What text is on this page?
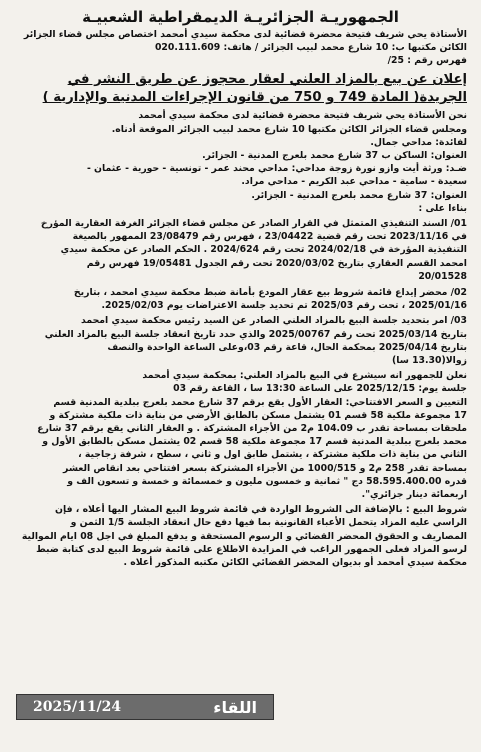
الجمهوريـة الجزائريـة الديمقراطية الشعبيـة
الأستاذة يحي شريف فتيحة محضرة قضائية لدى محكمة سيدي أمحمد اختصاص مجلس قضاء الجزائر
الكائن مكتبها ب: 10 شارع محمد لبيب الجزائر / هاتف: 020.111.609
فهرس رقم : 25/
إعلان عن بيع بالمزاد العلني لعقار محجوز عن طريق النشر في
الجريدة( المادة 749 و 750 من قانون الإجراءات المدنية والإدارية )
نحن الأستاذة يحي شريف فتيحة محضرة قضائية لدى محكمة سيدي أمحمد
ومجلس قضاء الجزائر الكائن مكتبها 10 شارع محمد لبيب الجزائر الموقعة أدناه.
لفائدة: مداحي جمال.
العنوان: الساكن ب 37 شارع محمد بلعرج المدنية - الجزائر.
ضـد: ورثة أيت وازو نورة زوجة مداحي: مداحي محند عمر - تونسية - حورية - عثمان -
سعيدة - سامية - مداحي عبد الكريم - مداحي مراد.
العنوان: 37 شارع محمد بلعرج المدنية - الجزائر.
بناءا على :
01/ السند التنفيذي المتمثل في القرار الصادر عن مجلس قضاء الجزائر الغرفة العقارية المؤرخ
في 2023/11/16 تحت رقم قضية 23/04422 ، فهرس رقم 23/08479 الممهور بالصيغة
التنفيذية المؤرخة في 2024/02/18 تحت رقم 2024/624 . الحكم الصادر عن محكمة سيدي
امحمد القسم العقاري بتاريخ 2020/03/02 تحت رقم الجدول 19/05481 فهرس رقم
20/01528
02/ محضر إيداع قائمة شروط بيع عقار المودع بأمانة ضبط محكمة سيدي امحمد ، بتاريخ
2025/01/16 ، تحت رقم 2025/03 تم تحديد جلسة الاعتراضات يوم 2025/02/03.
03/ امر بتحديد جلسة البيع بالمزاد العلني الصادر عن السيد رئيس محكمة سيدي امحمد
بتاريخ 2025/03/14 تحت رقم 2025/00767 والذي حدد تاريخ انعقاد جلسة البيع بالمزاد العلني
بتاريخ 2025/04/14 بمحكمة الحال، قاعة رقم 03،وعلى الساعة الواحدة والنصف
زوالا(13.30 سا)
نعلن للجمهور انه سيشرع في البيع بالمزاد العلني: بمحكمة سيدي أمحمد
جلسة يوم: 2025/12/15 على الساعة 13:30 سا ، القاعة رقم 03
التعيين و السعر الافتتاحي: العقار الأول يقع برقم 37 شارع محمد بلعرج ببلدية المدنية قسم
17 مجموعة ملكية 58 قسم 01 يشتمل مسكن بالطابق الأرضي من بناية ذات ملكية مشتركة و
ملحقات بمساحة تقدر ب 104.09 م2 من الأجزاء المشتركة . و العقار الثاني يقع برقم 37 شارع
محمد بلعرج ببلدية المدنية قسم 17 مجموعة ملكية 58 قسم 02 يشتمل مسكن بالطابق الأول و
الثاني من بناية ذات ملكية مشتركة ، يشتمل طابق اول و ثاني ، سطح ، شرفة زجاجية ،
بمساحة تقدر 258 م2 و 1000/515 من الأجزاء المشتركة بسعر افتتاحي بعد انقاص العشر
قدره 58.595.400.00 دج " ثمانية و خمسون مليون و خمسمائة و خمسة و تسعون الف و
اربعمائة دينار جزائري".
شروط البيع : بالإضافة الى الشروط الواردة في قائمة شروط البيع المشار اليها أعلاه ، فإن
الراسي عليه المزاد يتحمل الأعباء القانونية بما فيها دفع حال انعقاد الجلسة 1/5 الثمن و
المصاريف و الحقوق المحضر القضائي و الرسوم المستحقة و يدفع المبلغ في اجل 08 ايام الموالية
لرسو المزاد فعلى الجمهور الراغب في المزايدة الاطلاع على قائمة شروط البيع لدى كتابة ضبط
محكمة سيدي أمحمد أو بديوان المحضر القضائي الكائن مكتبه المذكور أعلاه .
اللقاء
2025/11/24
